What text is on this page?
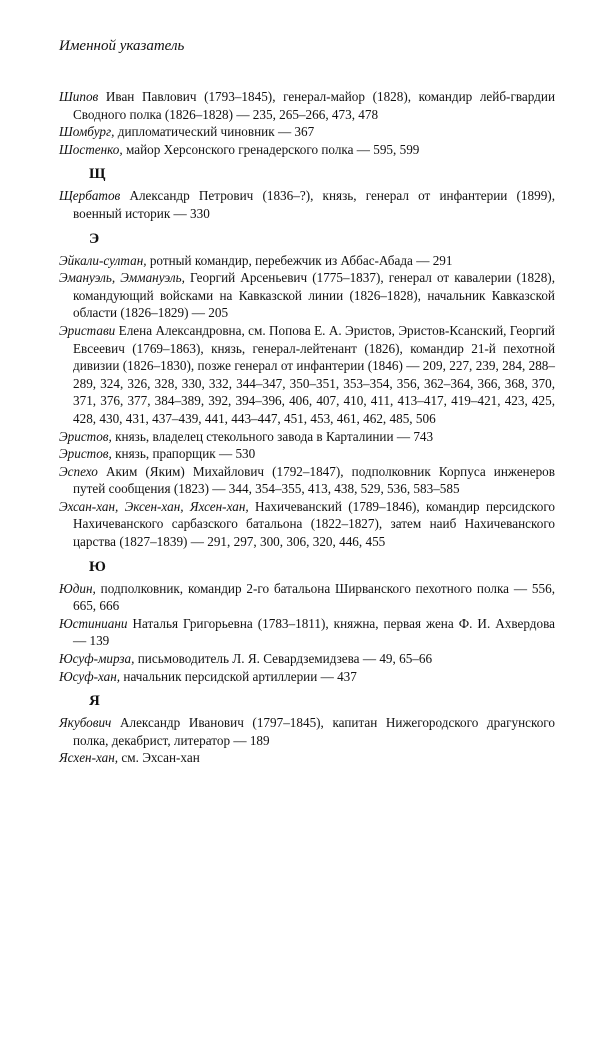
Именной указатель

Шипов Иван Павлович (1793–1845), генерал-майор (1828), командир лейб-гвардии Сводного полка (1826–1828) — 235, 265–266, 473, 478

Шомбург, дипломатический чиновник — 367

Шостенко, майор Херсонского гренадерского полка — 595, 599

Щ

Щербатов Александр Петрович (1836–?), князь, генерал от инфантерии (1899), военный историк — 330

Э

Эйкали-султан, ротный командир, перебежчик из Аббас-Абада — 291

Эмануэль, Эммануэль, Георгий Арсеньевич (1775–1837), генерал от кавалерии (1828), командующий войсками на Кавказской линии (1826–1828), начальник Кавказской области (1826–1829) — 205

Эристави Елена Александровна, см. Попова Е. А. Эристов, Эристов-Ксанский, Георгий Евсеевич (1769–1863), князь, генерал-лейтенант (1826), командир 21-й пехотной дивизии (1826–1830), позже генерал от инфантерии (1846) — 209, 227, 239, 284, 288–289, 324, 326, 328, 330, 332, 344–347, 350–351, 353–354, 356, 362–364, 366, 368, 370, 371, 376, 377, 384–389, 392, 394–396, 406, 407, 410, 411, 413–417, 419–421, 423, 425, 428, 430, 431, 437–439, 441, 443–447, 451, 453, 461, 462, 485, 506

Эристов, князь, владелец стекольного завода в Карталинии — 743

Эристов, князь, прапорщик — 530

Эспехо Аким (Яким) Михайлович (1792–1847), подполковник Корпуса инженеров путей сообщения (1823) — 344, 354–355, 413, 438, 529, 536, 583–585

Эхсан-хан, Эксен-хан, Яхсен-хан, Нахичеванский (1789–1846), командир персидского Нахичеванского сарбазского батальона (1822–1827), затем наиб Нахичеванского царства (1827–1839) — 291, 297, 300, 306, 320, 446, 455

Ю

Юдин, подполковник, командир 2-го батальона Ширванского пехотного полка — 556, 665, 666

Юстиниани Наталья Григорьевна (1783–1811), княжна, первая жена Ф. И. Ахвердова — 139

Юсуф-мирза, письмоводитель Л. Я. Севардземидзева — 49, 65–66

Юсуф-хан, начальник персидской артиллерии — 437

Я

Якубович Александр Иванович (1797–1845), капитан Нижегородского драгунского полка, декабрист, литератор — 189

Ясхен-хан, см. Эхсан-хан
